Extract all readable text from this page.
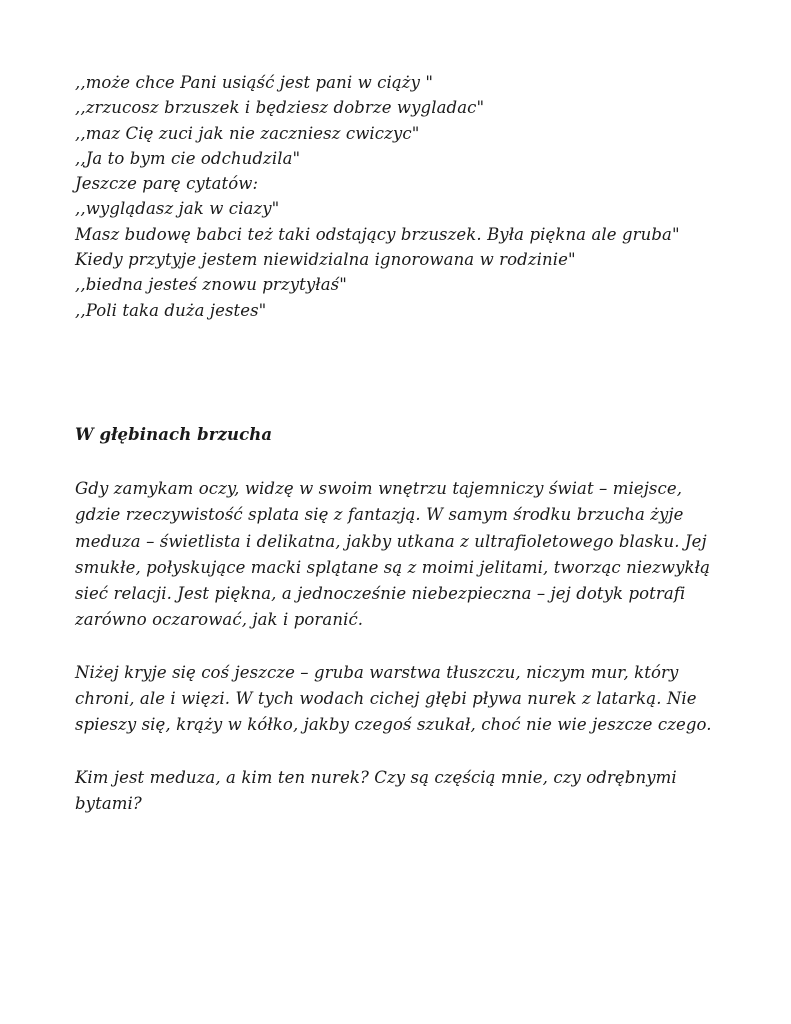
,,może chce Pani usiąść jest pani w ciąży "

,,zrzucosz brzuszek i będziesz dobrze wygladac"

,,maz Cię zuci jak nie zaczniesz cwiczyc"

,,Ja to bym cie odchudzila"

Jeszcze parę cytatów:

,,wyglądasz jak w ciazy"

Masz budowę babci też taki odstający brzuszek. Była piękna ale gruba"

Kiedy przytyje jestem niewidzialna ignorowana w rodzinie"

,,biedna jesteś znowu przytyłaś"

,,Poli taka duża jestes"

W głębinach brzucha

Gdy zamykam oczy, widzę w swoim wnętrzu tajemniczy świat – miejsce, gdzie rzeczywistość splata się z fantazją. W samym środku brzucha żyje meduza – świetlista i delikatna, jakby utkana z ultrafioletowego blasku. Jej smukłe, połyskujące macki splątane są z moimi jelitami, tworząc niezwykłą sieć relacji. Jest piękna, a jednocześnie niebezpieczna – jej dotyk potrafi zarówno oczarować, jak i poranić.

Niżej kryje się coś jeszcze – gruba warstwa tłuszczu, niczym mur, który chroni, ale i więzi. W tych wodach cichej głębi pływa nurek z latarką. Nie spieszy się, krąży w kółko, jakby czegoś szukał, choć nie wie jeszcze czego.

Kim jest meduza, a kim ten nurek? Czy są częścią mnie, czy odrębnymi bytami?
